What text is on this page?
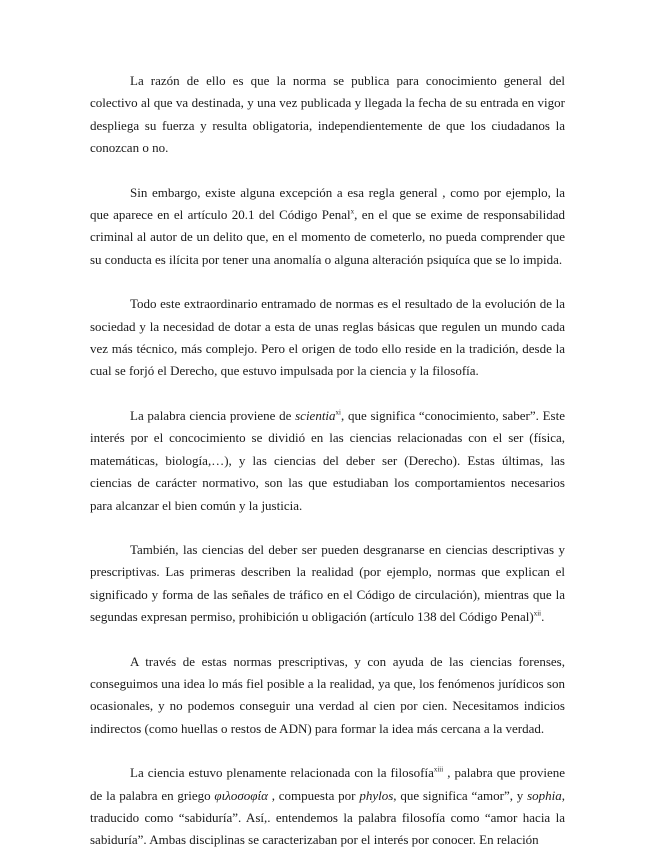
La razón de ello es que la norma se publica para conocimiento general del colectivo al que va destinada, y una vez publicada y llegada la fecha de su entrada en vigor despliega su fuerza y resulta obligatoria, independientemente de que los ciudadanos la conozcan o no.

Sin embargo, existe alguna excepción a esa regla general , como por ejemplo, la que aparece en el artículo 20.1 del Código Penal$^x$, en el que se exime de responsabilidad criminal al autor de un delito que, en el momento de cometerlo, no pueda comprender que su conducta es ilícita por tener una anomalía o alguna alteración psiquíca que se lo impida.

Todo este extraordinario entramado de normas es el resultado de la evolución de la sociedad y la necesidad de dotar a esta de unas reglas básicas que regulen un mundo cada vez más técnico, más complejo. Pero el origen de todo ello reside en la tradición, desde la cual se forjó el Derecho, que estuvo impulsada por la ciencia y la filosofía.

La palabra ciencia proviene de scientia$^{xi}$, que significa “conocimiento, saber”. Este interés por el concocimiento se dividió en las ciencias relacionadas con el ser (física, matemáticas, biología,…), y las ciencias del deber ser (Derecho). Estas últimas, las ciencias de carácter normativo, son las que estudiaban los comportamientos necesarios para alcanzar el bien común y la justicia.

También, las ciencias del deber ser pueden desgranarse en ciencias descriptivas y prescriptivas. Las primeras describen la realidad (por ejemplo, normas que explican el significado y forma de las señales de tráfico en el Código de circulación), mientras que la segundas expresan permiso, prohibición u obligación (artículo 138 del Código Penal)$^{xii}$.

A través de estas normas prescriptivas, y con ayuda de las ciencias forenses, conseguimos una idea lo más fiel posible a la realidad, ya que, los fenómenos jurídicos son ocasionales, y no podemos conseguir una verdad al cien por cien. Necesitamos indicios indirectos (como huellas o restos de ADN) para formar la idea más cercana a la verdad.

La ciencia estuvo plenamente relacionada con la filosofía$^{xiii}$ , palabra que proviene de la palabra en griego φιλοσοφία , compuesta por phylos, que significa “amor”, y sophia, traducido como “sabiduría”. Así,. entendemos la palabra filosofía como “amor hacia la sabiduría”. Ambas disciplinas se caracterizaban por el interés por conocer. En relación
